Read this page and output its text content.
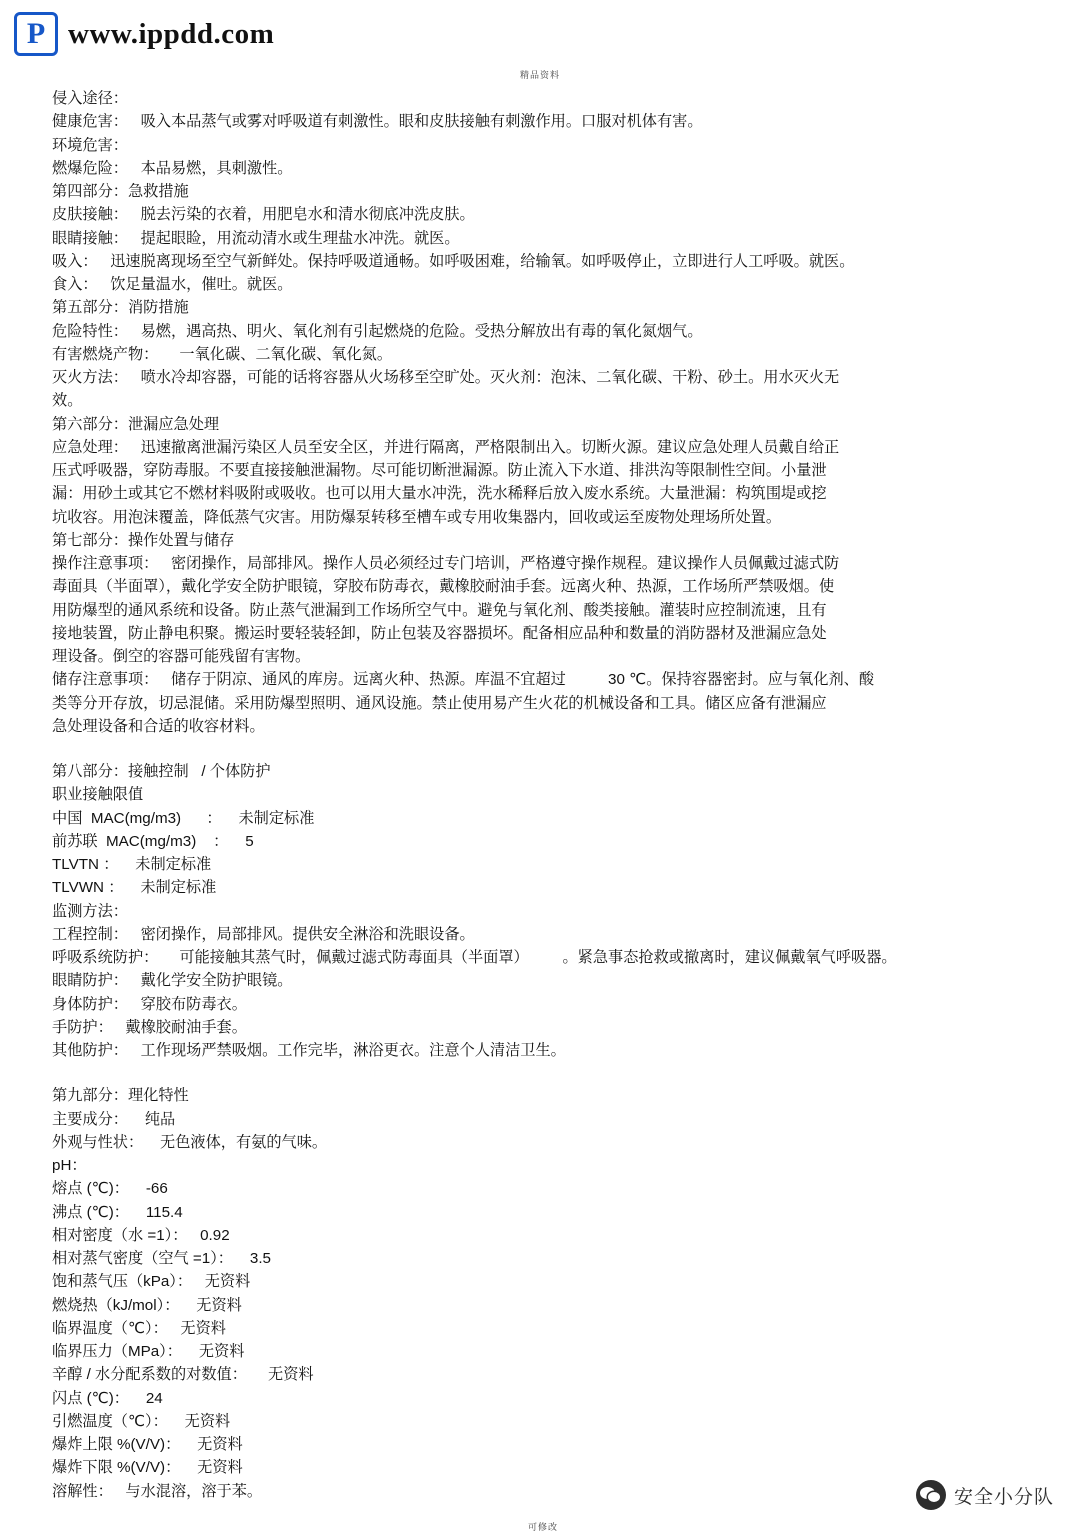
P www.ippdd.com
精品资料

侵入途径：

健康危害：   吸入本品蒸气或雾对呼吸道有刺激性。眼和皮肤接触有刺激作用。口服对机体有害。

环境危害：

燃爆危险：   本品易燃，具刺激性。

第四部分：急救措施

皮肤接触：   脱去污染的衣着，用肥皂水和清水彻底冲洗皮肤。

眼睛接触：   提起眼睑，用流动清水或生理盐水冲洗。就医。

吸入：   迅速脱离现场至空气新鲜处。保持呼吸道通畅。如呼吸困难，给输氧。如呼吸停止，立即进行人工呼吸。就医。

食入：   饮足量温水，催吐。就医。

第五部分：消防措施

危险特性：   易燃，遇高热、明火、氧化剂有引起燃烧的危险。受热分解放出有毒的氧化氮烟气。

有害燃烧产物：     一氧化碳、二氧化碳、氧化氮。

灭火方法：   喷水冷却容器，可能的话将容器从火场移至空旷处。灭火剂：泡沫、二氧化碳、干粉、砂土。用水灭火无

效。

第六部分：泄漏应急处理

应急处理：   迅速撤离泄漏污染区人员至安全区，并进行隔离，严格限制出入。切断火源。建议应急处理人员戴自给正

压式呼吸器，穿防毒服。不要直接接触泄漏物。尽可能切断泄漏源。防止流入下水道、排洪沟等限制性空间。小量泄

漏：用砂土或其它不燃材料吸附或吸收。也可以用大量水冲洗，洗水稀释后放入废水系统。大量泄漏：构筑围堤或挖

坑收容。用泡沫覆盖，降低蒸气灾害。用防爆泵转移至槽车或专用收集器内，回收或运至废物处理场所处置。

第七部分：操作处置与储存

操作注意事项：   密闭操作，局部排风。操作人员必须经过专门培训，严格遵守操作规程。建议操作人员佩戴过滤式防

毒面具（半面罩），戴化学安全防护眼镜，穿胶布防毒衣，戴橡胶耐油手套。远离火种、热源，工作场所严禁吸烟。使

用防爆型的通风系统和设备。防止蒸气泄漏到工作场所空气中。避免与氧化剂、酸类接触。灌装时应控制流速，且有

接地装置，防止静电积聚。搬运时要轻装轻卸，防止包装及容器损坏。配备相应品种和数量的消防器材及泄漏应急处

理设备。倒空的容器可能残留有害物。

储存注意事项：   储存于阴凉、通风的库房。远离火种、热源。库温不宜超过          30 ℃。保持容器密封。应与氧化剂、酸

类等分开存放，切忌混储。采用防爆型照明、通风设施。禁止使用易产生火花的机械设备和工具。储区应备有泄漏应

急处理设备和合适的收容材料。

第八部分：接触控制   / 个体防护

职业接触限值

中国  MAC(mg/m3)      ：    未制定标准

前苏联  MAC(mg/m3)    ：    5

TLVTN ：    未制定标准

TLVWN ：    未制定标准

监测方法：

工程控制：   密闭操作，局部排风。提供安全淋浴和洗眼设备。

呼吸系统防护：     可能接触其蒸气时，佩戴过滤式防毒面具（半面罩）        。紧急事态抢救或撤离时，建议佩戴氧气呼吸器。

眼睛防护：   戴化学安全防护眼镜。

身体防护：   穿胶布防毒衣。

手防护：   戴橡胶耐油手套。

其他防护：   工作现场严禁吸烟。工作完毕，淋浴更衣。注意个人清洁卫生。

第九部分：理化特性

主要成分：    纯品

外观与性状：    无色液体，有氨的气味。

pH：

熔点 (℃)：    -66

沸点 (℃)：    115.4

相对密度（水 =1）：   0.92

相对蒸气密度（空气 =1）：    3.5

饱和蒸气压（kPa）：   无资料

燃烧热（kJ/mol）：    无资料

临界温度（℃）：   无资料

临界压力（MPa）：    无资料

辛醇 / 水分配系数的对数值：     无资料

闪点 (℃)：    24

引燃温度（℃）：    无资料

爆炸上限 %(V/V)：    无资料

爆炸下限 %(V/V)：    无资料

溶解性：   与水混溶，溶于苯。

可修改
安全小分队
